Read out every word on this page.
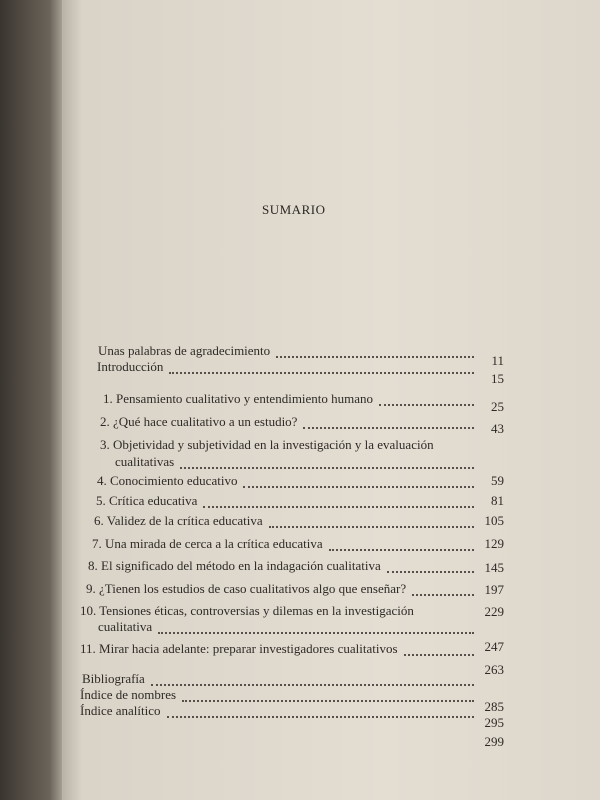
SUMARIO
Unas palabras de agradecimiento
11
Introducción
15
1. Pensamiento cualitativo y entendimiento humano
25
2. ¿Qué hace cualitativo a un estudio?	43
3. Objetividad y subjetividad en la investigación y la evaluación
cualitativas
59
4. Conocimiento educativo
81
5. Crítica educativa
105
6. Validez de la crítica educativa
129
7. Una mirada de cerca a la crítica educativa
145
8. El significado del método en la indagación cualitativa
197
9. ¿Tienen los estudios de caso cualitativos algo que enseñar?
229
10. Tensiones éticas, controversias y dilemas en la investigación
cualitativa
247
11. Mirar hacia adelante: preparar investigadores cualitativos
263
Bibliografía
285
Índice de nombres
295
Índice analítico
299
